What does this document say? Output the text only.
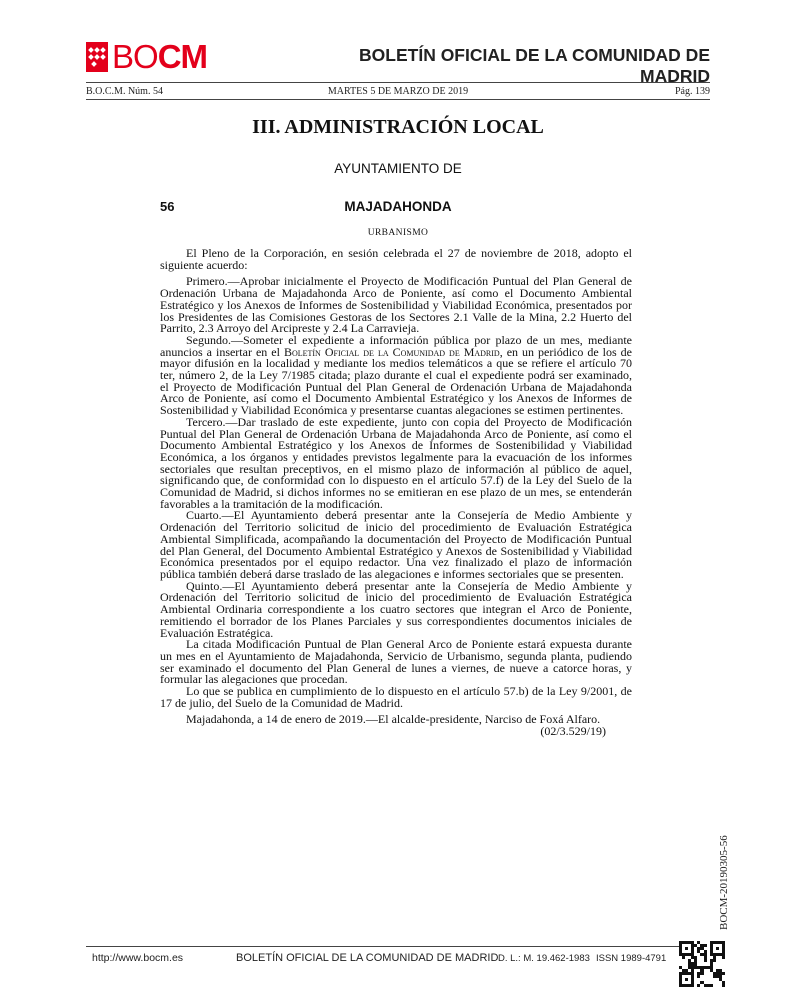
BOCM	BOLETÍN OFICIAL DE LA COMUNIDAD DE MADRID
B.O.C.M. Núm. 54	MARTES 5 DE MARZO DE 2019	Pág. 139
III. ADMINISTRACIÓN LOCAL
AYUNTAMIENTO DE
56	MAJADAHONDA
URBANISMO

El Pleno de la Corporación, en sesión celebrada el 27 de noviembre de 2018, adopto el siguiente acuerdo:

Primero.—Aprobar inicialmente el Proyecto de Modificación Puntual del Plan General de Ordenación Urbana de Majadahonda Arco de Poniente, así como el Documento Ambiental Estratégico y los Anexos de Informes de Sostenibilidad y Viabilidad Económica, presentados por los Presidentes de las Comisiones Gestoras de los Sectores 2.1 Valle de la Mina, 2.2 Huerto del Parrito, 2.3 Arroyo del Arcipreste y 2.4 La Carravieja.

Segundo.—Someter el expediente a información pública por plazo de un mes, mediante anuncios a insertar en el Boletín Oficial de la Comunidad de Madrid, en un periódico de los de mayor difusión en la localidad y mediante los medios telemáticos a que se refiere el artículo 70 ter, número 2, de la Ley 7/1985 citada; plazo durante el cual el expediente podrá ser examinado, el Proyecto de Modificación Puntual del Plan General de Ordenación Urbana de Majadahonda Arco de Poniente, así como el Documento Ambiental Estratégico y los Anexos de Informes de Sostenibilidad y Viabilidad Económica y presentarse cuantas alegaciones se estimen pertinentes.

Tercero.—Dar traslado de este expediente, junto con copia del Proyecto de Modificación Puntual del Plan General de Ordenación Urbana de Majadahonda Arco de Poniente, así como el Documento Ambiental Estratégico y los Anexos de Informes de Sostenibilidad y Viabilidad Económica, a los órganos y entidades previstos legalmente para la evacuación de los informes sectoriales que resultan preceptivos, en el mismo plazo de información al público de aquel, significando que, de conformidad con lo dispuesto en el artículo 57.f) de la Ley del Suelo de la Comunidad de Madrid, si dichos informes no se emitieran en ese plazo de un mes, se entenderán favorables a la tramitación de la modificación.

Cuarto.—El Ayuntamiento deberá presentar ante la Consejería de Medio Ambiente y Ordenación del Territorio solicitud de inicio del procedimiento de Evaluación Estratégica Ambiental Simplificada, acompañando la documentación del Proyecto de Modificación Puntual del Plan General, del Documento Ambiental Estratégico y Anexos de Sostenibilidad y Viabilidad Económica presentados por el equipo redactor. Una vez finalizado el plazo de información pública también deberá darse traslado de las alegaciones e informes sectoriales que se presenten.

Quinto.—El Ayuntamiento deberá presentar ante la Consejería de Medio Ambiente y Ordenación del Territorio solicitud de inicio del procedimiento de Evaluación Estratégica Ambiental Ordinaria correspondiente a los cuatro sectores que integran el Arco de Poniente, remitiendo el borrador de los Planes Parciales y sus correspondientes documentos iniciales de Evaluación Estratégica.

La citada Modificación Puntual de Plan General Arco de Poniente estará expuesta durante un mes en el Ayuntamiento de Majadahonda, Servicio de Urbanismo, segunda planta, pudiendo ser examinado el documento del Plan General de lunes a viernes, de nueve a catorce horas, y formular las alegaciones que procedan.

Lo que se publica en cumplimiento de lo dispuesto en el artículo 57.b) de la Ley 9/2001, de 17 de julio, del Suelo de la Comunidad de Madrid.

Majadahonda, a 14 de enero de 2019.—El alcalde-presidente, Narciso de Foxá Alfaro.

(02/3.529/19)
BOCM-20190305-56
http://www.bocm.es	BOLETÍN OFICIAL DE LA COMUNIDAD DE MADRID D. L.: M. 19.462-1983 ISSN 1989-4791
